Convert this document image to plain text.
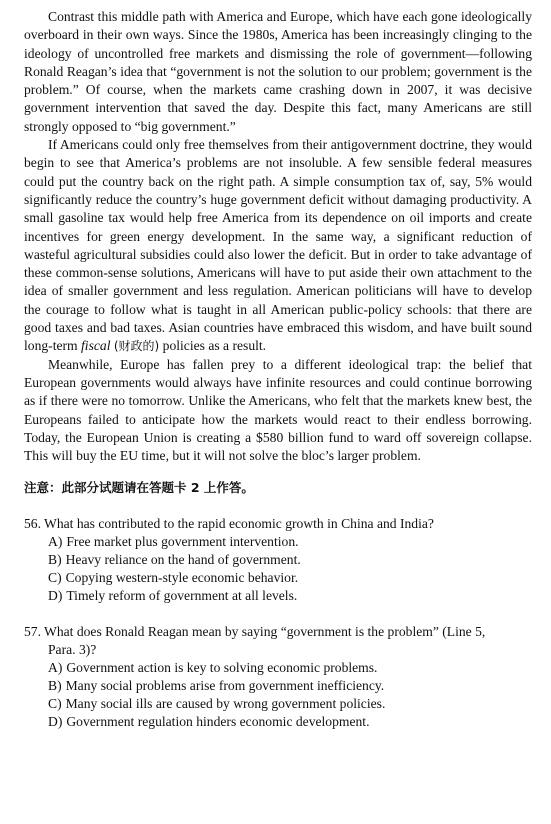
Contrast this middle path with America and Europe, which have each gone ideologically overboard in their own ways. Since the 1980s, America has been increasingly clinging to the ideology of uncontrolled free markets and dismissing the role of government—following Ronald Reagan’s idea that “government is not the solution to our problem; government is the problem.” Of course, when the markets came crashing down in 2007, it was decisive government intervention that saved the day. Despite this fact, many Americans are still strongly opposed to “big government.”

If Americans could only free themselves from their antigovernment doctrine, they would begin to see that America’s problems are not insoluble. A few sensible federal measures could put the country back on the right path. A simple consumption tax of, say, 5% would significantly reduce the country’s huge government deficit without damaging productivity. A small gasoline tax would help free America from its dependence on oil imports and create incentives for green energy development. In the same way, a significant reduction of wasteful agricultural subsidies could also lower the deficit. But in order to take advantage of these common-sense solutions, Americans will have to put aside their own attachment to the idea of smaller government and less regulation. American politicians will have to develop the courage to follow what is taught in all American public-policy schools: that there are good taxes and bad taxes. Asian countries have embraced this wisdom, and have built sound long-term fiscal (财政的) policies as a result.

Meanwhile, Europe has fallen prey to a different ideological trap: the belief that European governments would always have infinite resources and could continue borrowing as if there were no tomorrow. Unlike the Americans, who felt that the markets knew best, the Europeans failed to anticipate how the markets would react to their endless borrowing. Today, the European Union is creating a $580 billion fund to ward off sovereign collapse. This will buy the EU time, but it will not solve the bloc’s larger problem.

注意：此部分试题请在答题卡 2 上作答。

56. What has contributed to the rapid economic growth in China and India?

A) Free market plus government intervention.
B) Heavy reliance on the hand of government.
C) Copying western-style economic behavior.
D) Timely reform of government at all levels.

57. What does Ronald Reagan mean by saying “government is the problem” (Line 5,
Para. 3)?

A) Government action is key to solving economic problems.
B) Many social problems arise from government inefficiency.
C) Many social ills are caused by wrong government policies.
D) Government regulation hinders economic development.
